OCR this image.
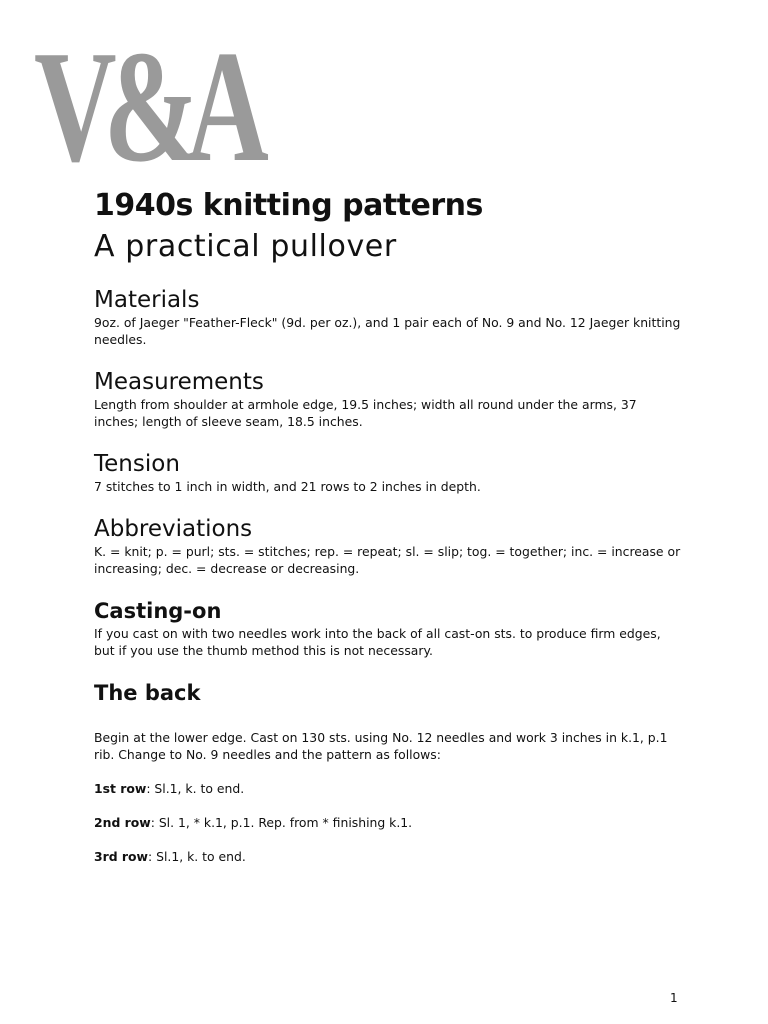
V&A
1940s knitting patterns
A practical pullover
Materials

9oz. of Jaeger "Feather-Fleck" (9d. per oz.), and 1 pair each of No. 9 and No. 12 Jaeger knitting needles.

Measurements

Length from shoulder at armhole edge, 19.5 inches; width all round under the arms, 37 inches; length of sleeve seam, 18.5 inches.

Tension

7 stitches to 1 inch in width, and 21 rows to 2 inches in depth.

Abbreviations

K. = knit; p. = purl; sts. = stitches; rep. = repeat; sl. = slip; tog. = together; inc. = increase or increasing; dec. = decrease or decreasing.

Casting-on

If you cast on with two needles work into the back of all cast-on sts. to produce firm edges, but if you use the thumb method this is not necessary.

The back

Begin at the lower edge. Cast on 130 sts. using No. 12 needles and work 3 inches in k.1, p.1 rib. Change to No. 9 needles and the pattern as follows:

1st row: Sl.1, k. to end.

2nd row: Sl. 1, * k.1, p.1. Rep. from * finishing k.1.

3rd row: Sl.1, k. to end.

1
